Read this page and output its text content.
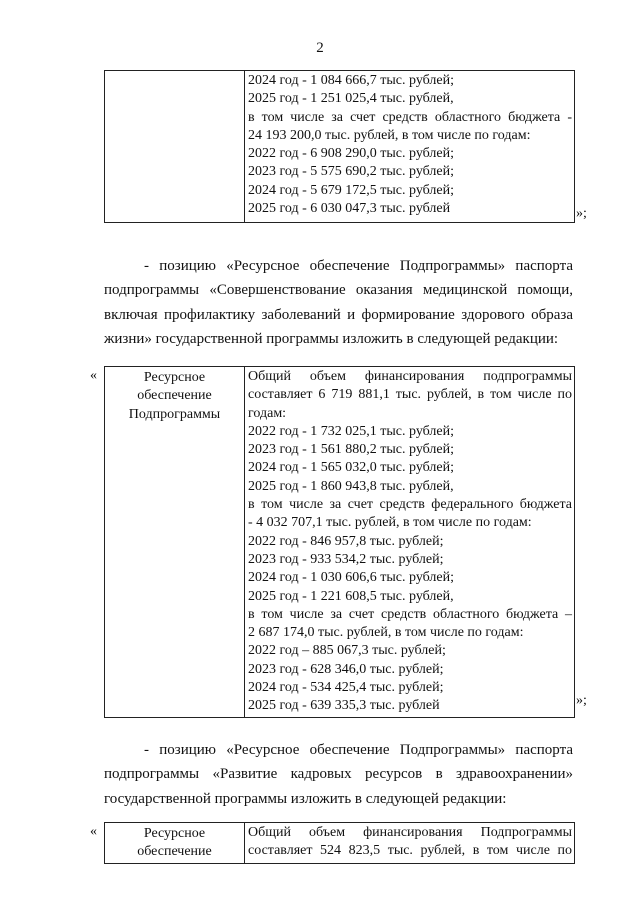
2

2024 год - 1 084 666,7 тыс. рублей;
2025 год - 1 251 025,4 тыс. рублей,
в том числе за счет средств областного бюджета -
24 193 200,0 тыс. рублей, в том числе по годам:
2022 год - 6 908 290,0 тыс. рублей;
2023 год - 5 575 690,2 тыс. рублей;
2024 год - 5 679 172,5 тыс. рублей;
2025 год - 6 030 047,3 тыс. рублей	»;
- позицию «Ресурсное обеспечение Подпрограммы» паспорта
подпрограммы «Совершенствование оказания медицинской помощи,
включая профилактику заболеваний и формирование здорового образа
жизни» государственной программы изложить в следующей редакции:
«	Ресурсное
обеспечение
Подпрограммы

Общий объем финансирования подпрограммы
составляет 6 719 881,1 тыс. рублей, в том числе по
годам:
2022 год - 1 732 025,1 тыс. рублей;
2023 год - 1 561 880,2 тыс. рублей;
2024 год - 1 565 032,0 тыс. рублей;
2025 год - 1 860 943,8 тыс. рублей,
в том числе за счет средств федерального бюджета
- 4 032 707,1 тыс. рублей, в том числе по годам:
2022 год - 846 957,8 тыс. рублей;
2023 год - 933 534,2 тыс. рублей;
2024 год - 1 030 606,6 тыс. рублей;
2025 год - 1 221 608,5 тыс. рублей,
в том числе за счет средств областного бюджета –
2 687 174,0 тыс. рублей, в том числе по годам:
2022 год – 885 067,3 тыс. рублей;
2023 год - 628 346,0 тыс. рублей;
2024 год - 534 425,4 тыс. рублей;
2025 год - 639 335,3 тыс. рублей	»;
- позицию «Ресурсное обеспечение Подпрограммы» паспорта
подпрограммы «Развитие кадровых ресурсов в здравоохранении»
государственной программы изложить в следующей редакции:
«	Ресурсное
обеспечение

Общий объем финансирования Подпрограммы
составляет 524 823,5 тыс. рублей, в том числе по
